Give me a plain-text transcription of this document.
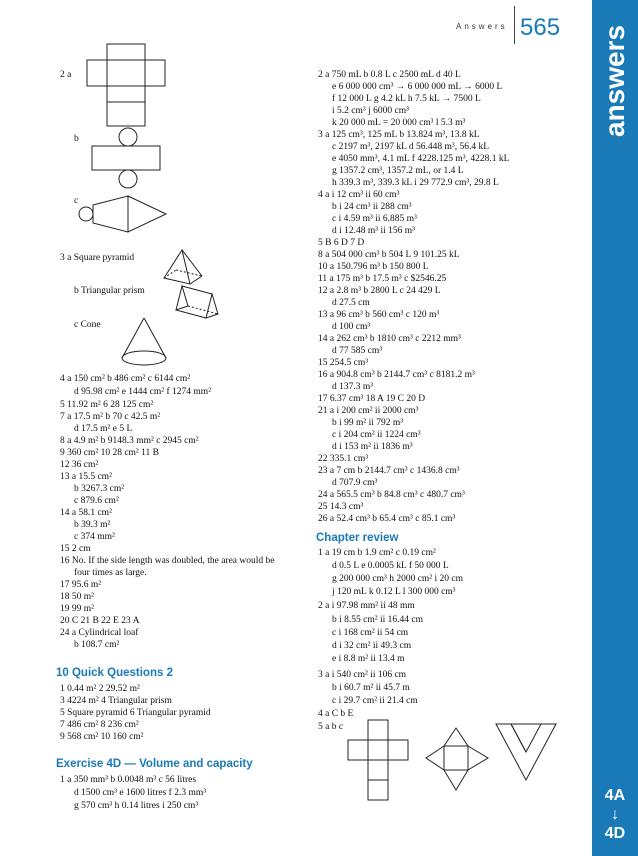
Answers 565 answers
4A
↓
4D
2 a
b
c
3 a Square pyramid
b Triangular prism
c Cone
4 a 150 cm² b 486 cm² c 6144 cm²
d 95.98 cm² e 1444 cm² f 1274 mm²
5 11.92 m² 6 28 125 cm²
7 a 17.5 m² b 70 c 42.5 m²
d 17.5 m² e 5 L
8 a 4.9 m² b 9148.3 mm² c 2945 cm²
9 360 cm² 10 28 cm² 11 B
12 36 cm²
13 a 15.5 cm²
b 3267.3 cm²
c 879.6 cm²
14 a 58.1 cm²
b 39.3 m²
c 374 mm²
15 2 cm
16 No. If the side length was doubled, the area would be
four times as large.
17 95.6 m²
18 50 m²
19 99 m²
20 C 21 B 22 E 23 A
24 a Cylindrical loaf
b 108.7 cm²
10 Quick Questions 2
1 0.44 m² 2 29.52 m²
3 4224 m² 4 Triangular prism
5 Square pyramid 6 Triangular pyramid
7 486 cm² 8 236 cm²
9 568 cm² 10 160 cm²
Exercise 4D — Volume and capacity
1 a 350 mm³ b 0.0048 m³ c 56 litres
d 1500 cm³ e 1600 litres f 2.3 mm³
g 570 cm³ h 0.14 litres i 250 cm³
2 a 750 mL b 0.8 L c 2500 mL d 40 L
e 6 000 000 cm³ → 6 000 000 mL → 6000 L
f 12 000 L g 4.2 kL h 7.5 kL → 7500 L
i 5.2 cm³ j 6000 cm³
k 20 000 mL = 20 000 cm³ l 5.3 m³
3 a 125 cm³, 125 mL b 13.824 m³, 13.8 kL
c 2197 m³, 2197 kL d 56.448 m³, 56.4 kL
e 4050 mm³, 4.1 mL f 4228.125 m³, 4228.1 kL
g 1357.2 cm³, 1357.2 mL, or 1.4 L
h 339.3 m³, 339.3 kL i 29 772.9 cm³, 29.8 L
4 a i 12 cm³ ii 60 cm³
b i 24 cm³ ii 288 cm³
c i 4.59 m³ ii 6.885 m³
d i 12.48 m³ ii 156 m³
5 B 6 D 7 D
8 a 504 000 cm³ b 504 L 9 101.25 kL
10 a 150.796 m³ b 150 800 L
11 a 175 m³ b 17.5 m³ c $2546.25
12 a 2.8 m³ b 2800 L c 24 429 L
d 27.5 cm
13 a 96 cm³ b 560 cm³ c 120 m³
d 100 cm³
14 a 262 cm³ b 1810 cm³ c 2212 mm³
d 77 585 cm³
15 254.5 cm³
16 a 904.8 cm³ b 2144.7 cm³ c 8181.2 m³
d 137.3 m³
17 6.37 cm³ 18 A 19 C 20 D
21 a i 200 cm² ii 2000 cm³
b i 99 m² ii 792 m³
c i 204 cm² ii 1224 cm³
d i 153 m² ii 1836 m³
22 335.1 cm³
23 a 7 cm b 2144.7 cm³ c 1436.8 cm³
d 707.9 cm³
24 a 565.5 cm³ b 84.8 cm³ c 480.7 cm³
25 14.3 cm³
26 a 52.4 cm³ b 65.4 cm³ c 85.1 cm³
Chapter review
1 a 19 cm b 1.9 cm² c 0.19 cm²
d 0.5 L e 0.0005 kL f 50 000 L
g 200 000 cm³ h 2000 cm² i 20 cm
j 120 mL k 0.12 L l 300 000 cm³
2 a i 97.98 mm² ii 48 mm
b i 8.55 cm² ii 16.44 cm
c i 168 cm² ii 54 cm
d i 32 cm² ii 49.3 cm
e i 8.8 m² ii 13.4 m
3 a i 540 cm² ii 106 cm
b i 60.7 m² ii 45.7 m
c i 29.7 cm² ii 21.4 cm
4 a C b E
5 a b c
